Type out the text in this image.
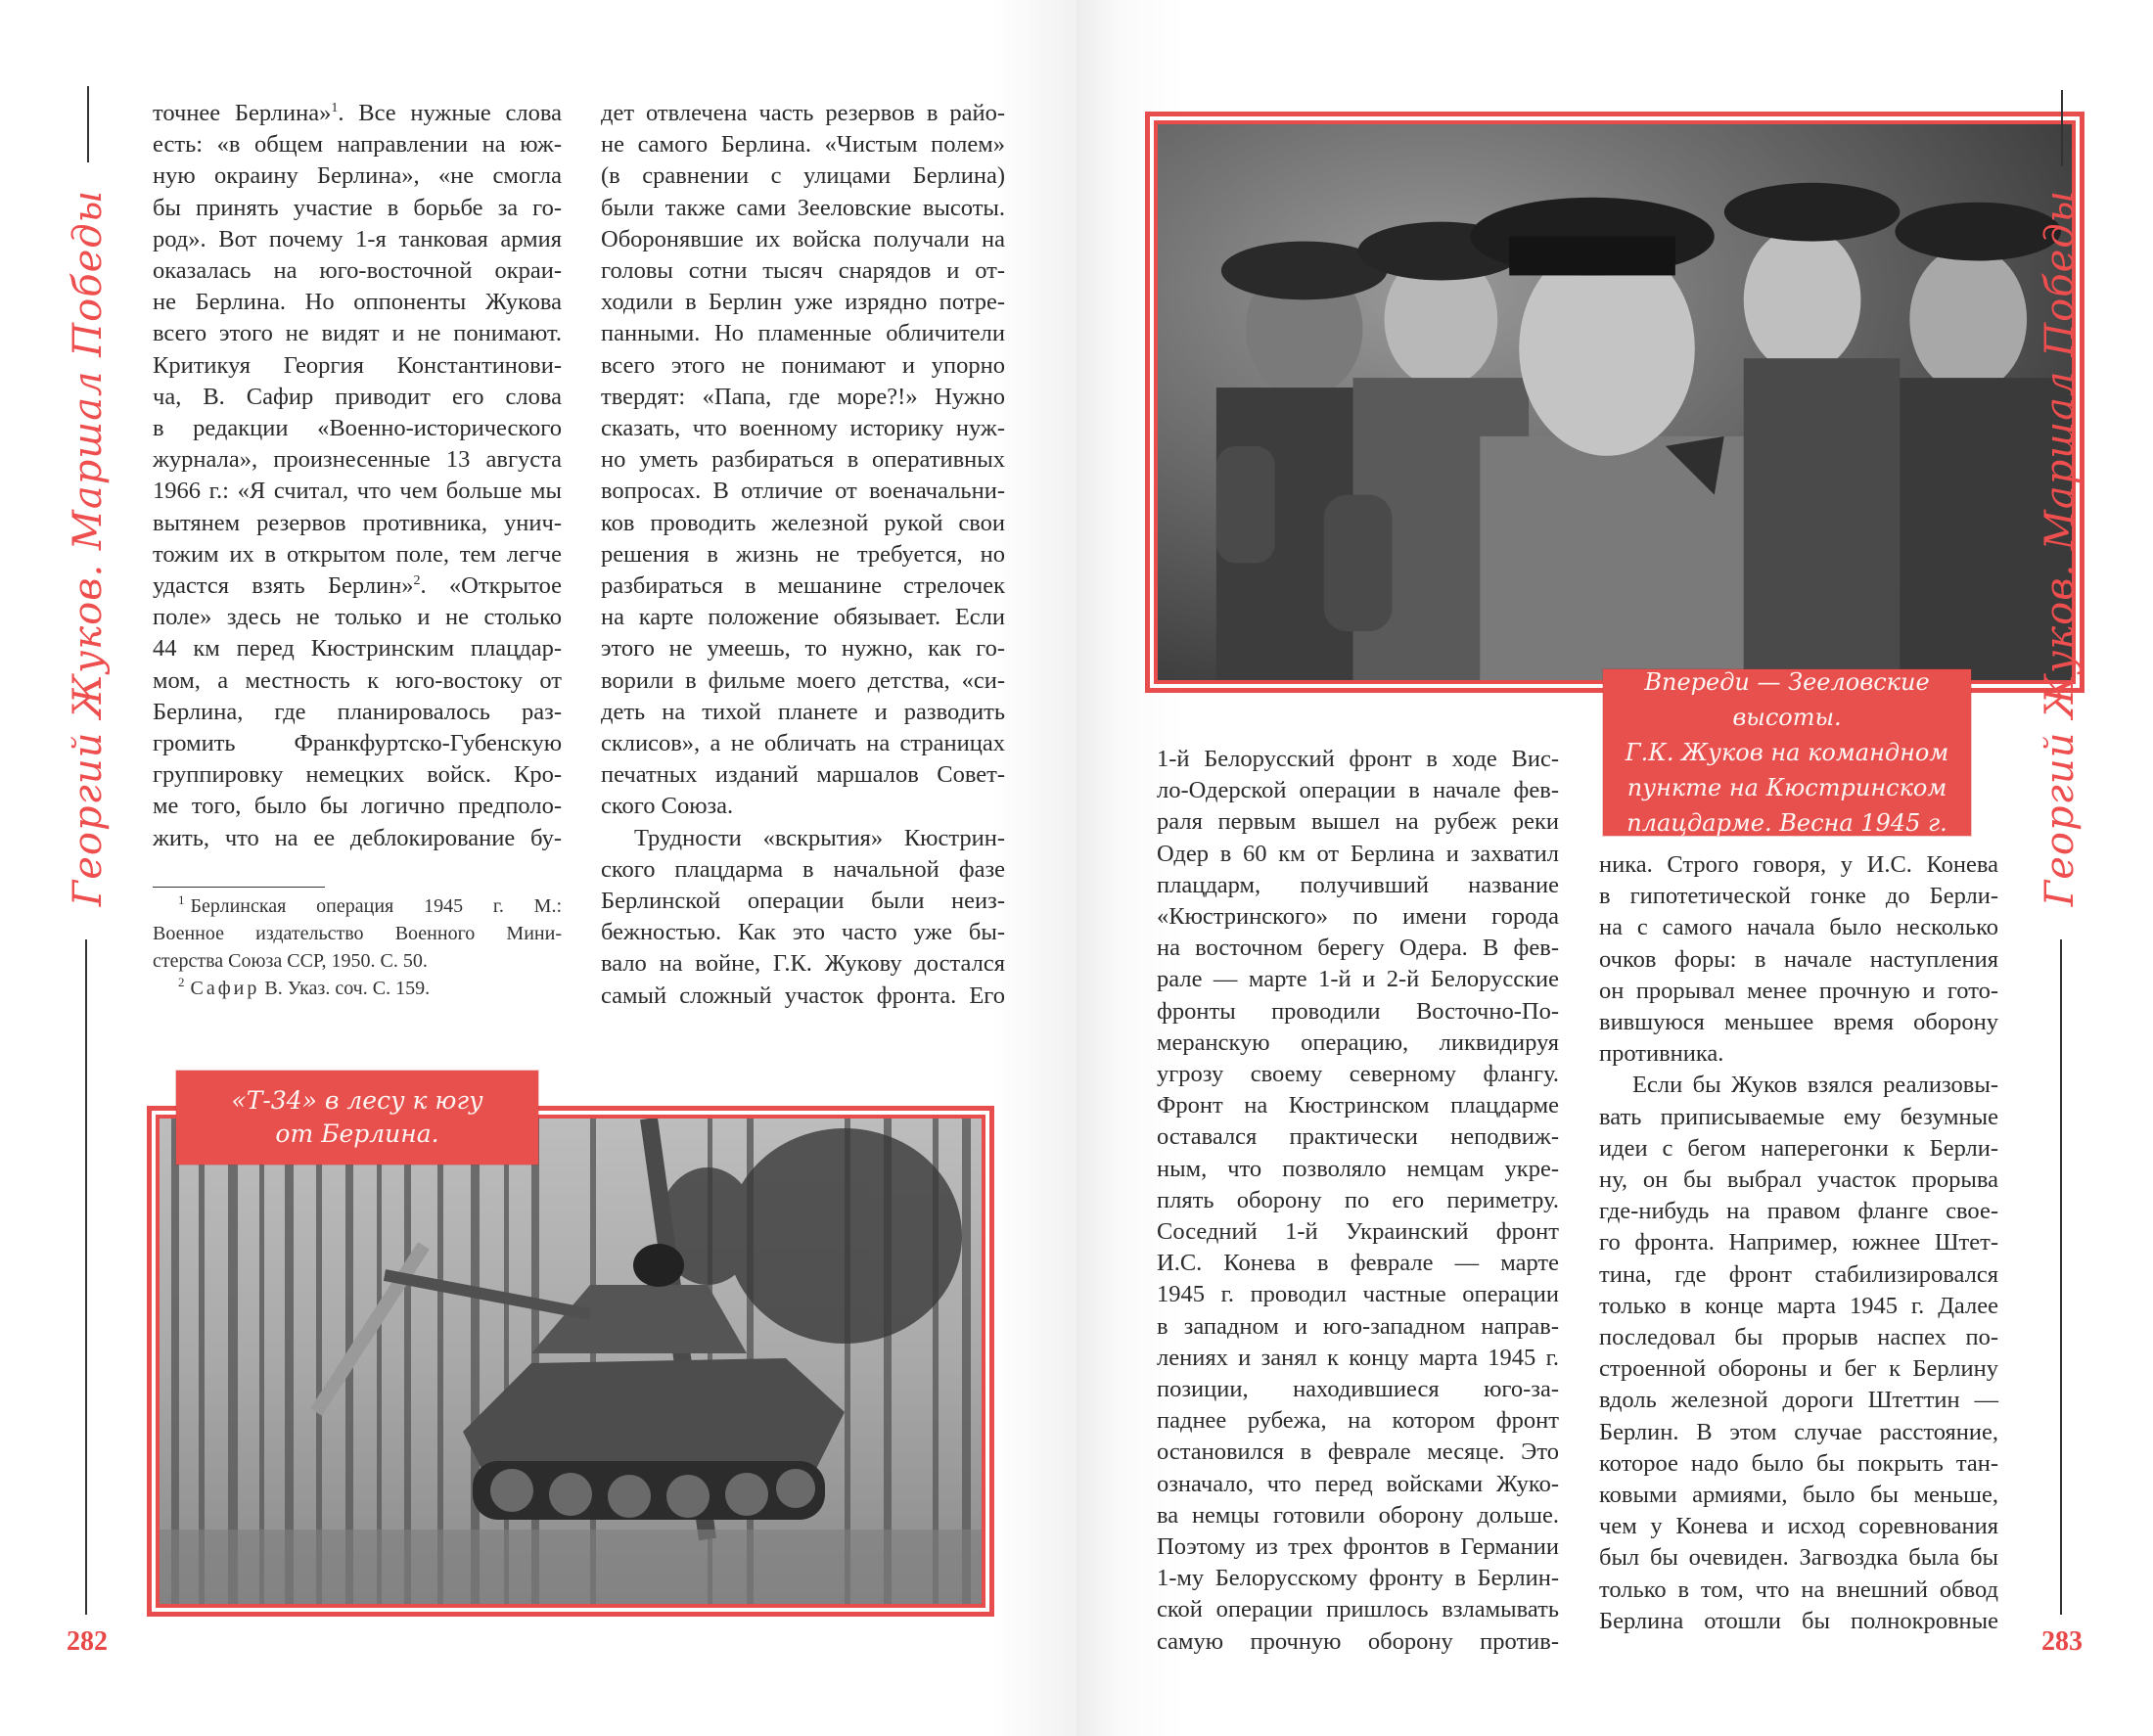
Георгий Жуков. Маршал Победы
282

точнее Берлина»$^1$. Все нужные слова
есть: «в общем направлении на юж-
ную окраину Берлина», «не смогла
бы принять участие в борьбе за го-
род». Вот почему 1-я танковая армия
оказалась на юго-восточной окраи-
не Берлина. Но оппоненты Жукова
всего этого не видят и не понимают.
Критикуя Георгия Константинови-
ча, В. Сафир приводит его слова
в редакции «Военно-исторического
журнала», произнесенные 13 августа
1966 г.: «Я считал, что чем больше мы
вытянем резервов противника, унич-
тожим их в открытом поле, тем легче
удастся взять Берлин»$^2$. «Открытое
поле» здесь не только и не столько
44 км перед Кюстринским плацдар-
мом, а местность к юго-востоку от
Берлина, где планировалось раз-
громить Франкфуртско-Губенскую
группировку немецких войск. Кро-
ме того, было бы логично предполо-
жить, что на ее деблокирование бу-

$^1$ Берлинская операция 1945 г. М.:
Военное издательство Военного Мини-
стерства Союза ССР, 1950. С. 50.
$^2$ Сафир В. Указ. соч. С. 159.

дет отвлечена часть резервов в райо-
не самого Берлина. «Чистым полем»
(в сравнении с улицами Берлина)
были также сами Зееловские высоты.
Оборонявшие их войска получали на
головы сотни тысяч снарядов и от-
ходили в Берлин уже изрядно потре-
панными. Но пламенные обличители
всего этого не понимают и упорно
твердят: «Папа, где море?!» Нужно
сказать, что военному историку нуж-
но уметь разбираться в оперативных
вопросах. В отличие от военачальни-
ков проводить железной рукой свои
решения в жизнь не требуется, но
разбираться в мешанине стрелочек
на карте положение обязывает. Если
этого не умеешь, то нужно, как го-
ворили в фильме моего детства, «си-
деть на тихой планете и разводить
склисов», а не обличать на страницах
печатных изданий маршалов Совет-
ского Союза.

Трудности «вскрытия» Кюстрин-
ского плацдарма в начальной фазе
Берлинской операции были неиз-
бежностью. Как это часто уже бы-
вало на войне, Г.К. Жукову достался
самый сложный участок фронта. Его

«Т-34» в лесу к югу
от Берлина.
Впереди — Зееловские высоты.
Г.К. Жуков на командном
пункте на Кюстринском
плацдарме. Весна 1945 г.

1-й Белорусский фронт в ходе Вис-
ло-Одерской операции в начале фев-
раля первым вышел на рубеж реки
Одер в 60 км от Берлина и захватил
плацдарм, получивший название
«Кюстринского» по имени города
на восточном берегу Одера. В фев-
рале — марте 1-й и 2-й Белорусские
фронты проводили Восточно-По-
меранскую операцию, ликвидируя
угрозу своему северному флангу.
Фронт на Кюстринском плацдарме
оставался практически неподвиж-
ным, что позволяло немцам укре-
плять оборону по его периметру.
Соседний 1-й Украинский фронт
И.С. Конева в феврале — марте
1945 г. проводил частные операции
в западном и юго-западном направ-
лениях и занял к концу марта 1945 г.
позиции, находившиеся юго-за-
паднее рубежа, на котором фронт
остановился в феврале месяце. Это
означало, что перед войсками Жуко-
ва немцы готовили оборону дольше.
Поэтому из трех фронтов в Германии
1-му Белорусскому фронту в Берлин-
ской операции пришлось взламывать
самую прочную оборону против-

ника. Строго говоря, у И.С. Конева
в гипотетической гонке до Берли-
на с самого начала было несколько
очков форы: в начале наступления
он прорывал менее прочную и гото-
вившуюся меньшее время оборону
противника.

Если бы Жуков взялся реализовы-
вать приписываемые ему безумные
идеи с бегом наперегонки к Берли-
ну, он бы выбрал участок прорыва
где-нибудь на правом фланге свое-
го фронта. Например, южнее Штет-
тина, где фронт стабилизировался
только в конце марта 1945 г. Далее
последовал бы прорыв наспех по-
строенной обороны и бег к Берлину
вдоль железной дороги Штеттин —
Берлин. В этом случае расстояние,
которое надо было бы покрыть тан-
ковыми армиями, было бы меньше,
чем у Конева и исход соревнования
был бы очевиден. Загвоздка была бы
только в том, что на внешний обвод
Берлина отошли бы полнокровные

Георгий Жуков. Маршал Победы
283
